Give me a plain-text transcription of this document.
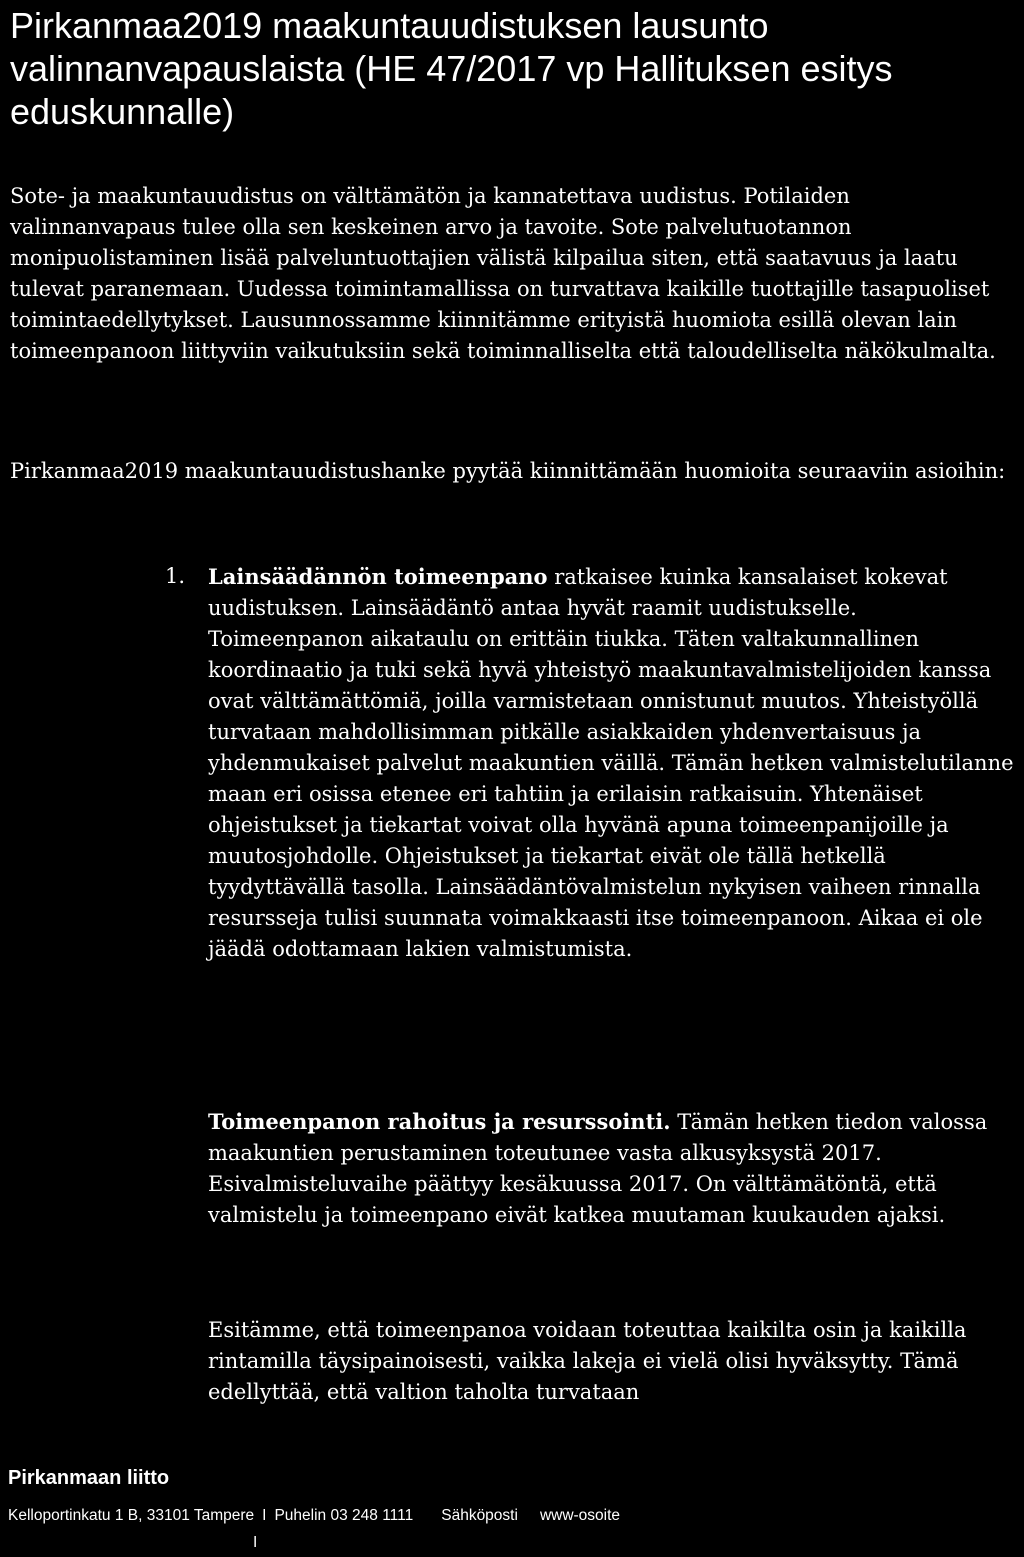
Pirkanmaa2019 maakuntauudistuksen lausunto valinnanvapauslaista (HE 47/2017 vp Hallituksen esitys eduskunnalle)

Sote- ja maakuntauudistus on välttämätön ja kannatettava uudistus. Potilaiden valinnanvapaus tulee olla sen keskeinen arvo ja tavoite. Sote palvelutuotannon monipuolistaminen lisää palveluntuottajien välistä kilpailua siten, että saatavuus ja laatu tulevat paranemaan. Uudessa toimintamallissa on turvattava kaikille tuottajille tasapuoliset toimintaedellytykset. Lausunnossamme kiinnitämme erityistä huomiota esillä olevan lain toimeenpanoon liittyviin vaikutuksiin sekä toiminnalliselta että taloudelliselta näkökulmalta.

Pirkanmaa2019 maakuntauudistushanke pyytää kiinnittämään huomioita seuraaviin asioihin:

1. Lainsäädännön toimeenpano ratkaisee kuinka kansalaiset kokevat uudistuksen. Lainsäädäntö antaa hyvät raamit uudistukselle. Toimeenpanon aikataulu on erittäin tiukka. Täten valtakunnallinen koordinaatio ja tuki sekä hyvä yhteistyö maakuntavalmistelijoiden kanssa ovat välttämättömiä, joilla varmistetaan onnistunut muutos. Yhteistyöllä turvataan mahdollisimman pitkälle asiakkaiden yhdenvertaisuus ja yhdenmukaiset palvelut maakuntien väillä. Tämän hetken valmistelutilanne maan eri osissa etenee eri tahtiin ja erilaisin ratkaisuin. Yhtenäiset ohjeistukset ja tiekartat voivat olla hyvänä apuna toimeenpanijoille ja muutosjohdolle. Ohjeistukset ja tiekartat eivät ole tällä hetkellä tyydyttävällä tasolla. Lainsäädäntövalmistelun nykyisen vaiheen rinnalla resursseja tulisi suunnata voimakkaasti itse toimeenpanoon. Aikaa ei ole jäädä odottamaan lakien valmistumista.

Toimeenpanon rahoitus ja resurssointi. Tämän hetken tiedon valossa maakuntien perustaminen toteutunee vasta alkusyksystä 2017. Esivalmisteluvaihe päättyy kesäkuussa 2017. On välttämätöntä, että valmistelu ja toimeenpano eivät katkea muutaman kuukauden ajaksi.

Esitämme, että toimeenpanoa voidaan toteuttaa kaikilta osin ja kaikilla rintamilla täysipainoisesti, vaikka lakeja ei vielä olisi hyväksytty. Tämä edellyttää, että valtion taholta turvataan

Pirkanmaan liitto

Kelloportinkatu 1 B, 33101 Tampere I Puhelin 03 248 1111 Sähköposti www-osoite
I
